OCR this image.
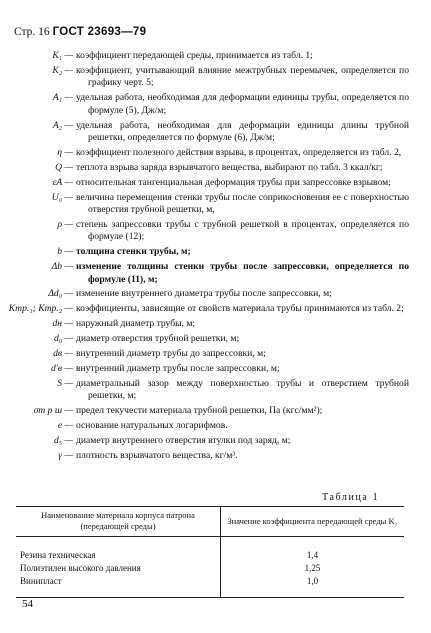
Стр. 16 ГОСТ 23693—79
K₁ — коэффициент передающей среды, принимается из табл. 1;
K₂ — коэффициент, учитывающий влияние межтрубных перемычек, определяется по графику черт. 5;
A₁ — удельная работа, необходимая для деформации единицы трубы, определяется по формуле (5), Дж/м;
A₂ — удельная работа, необходимая для деформации единицы длины трубной решетки, определяется по формуле (6), Дж/м;
η — коэффициент полезного действия взрыва, в процентах, определяется из табл. 2,
Q — теплота взрыва заряда взрывчатого вещества, выбирают по табл. 3 ккал/кг;
εA — относительная тангенциальная деформация трубы при запрессовке взрывом;
U₀ — величина перемещения стенки трубы после соприкосновения ее с поверхностью отверстия трубной решетки, м,
ρ — степень запрессовки трубы с трубной решеткой в процентах, определяется по формуле (12);
b — толщина стенки трубы, м;
Δb — изменение толщины стенки трубы после запрессовки, определяется по формуле (11), м;
Δd₀ — изменение внутреннего диаметра трубы после запрессовки, м;
Kтр.₁; Kтр.₂ — коэффициенты, зависящие от свойств материала трубы принимаются из табл. 2;
dн — наружный диаметр трубы, м;
d₀ — диаметр отверстия трубной решетки, м;
dв — внутренний диаметр трубы до запрессовки, м;
d′в — внутренний диаметр трубы после запрессовки, м;
S — диаметральный зазор между поверхностью трубы и отверстием трубной решетки, м;
σт р ш — предел текучести материала трубной решетки, Па (кгс/мм²);
e — основание натуральных логарифмов.
d₅ — диаметр внутреннего отверстия втулки под заряд, м;
γ — плотность взрывчатого вещества, кг/м³.
Таблица 1
Наименование материала корпуса патрона (передающей среды)	Значение коэффициента передающей среды K₁
Резина техническая	1,4
Полиэтилен высокого давления	1,25
Винипласт	1,0
54
